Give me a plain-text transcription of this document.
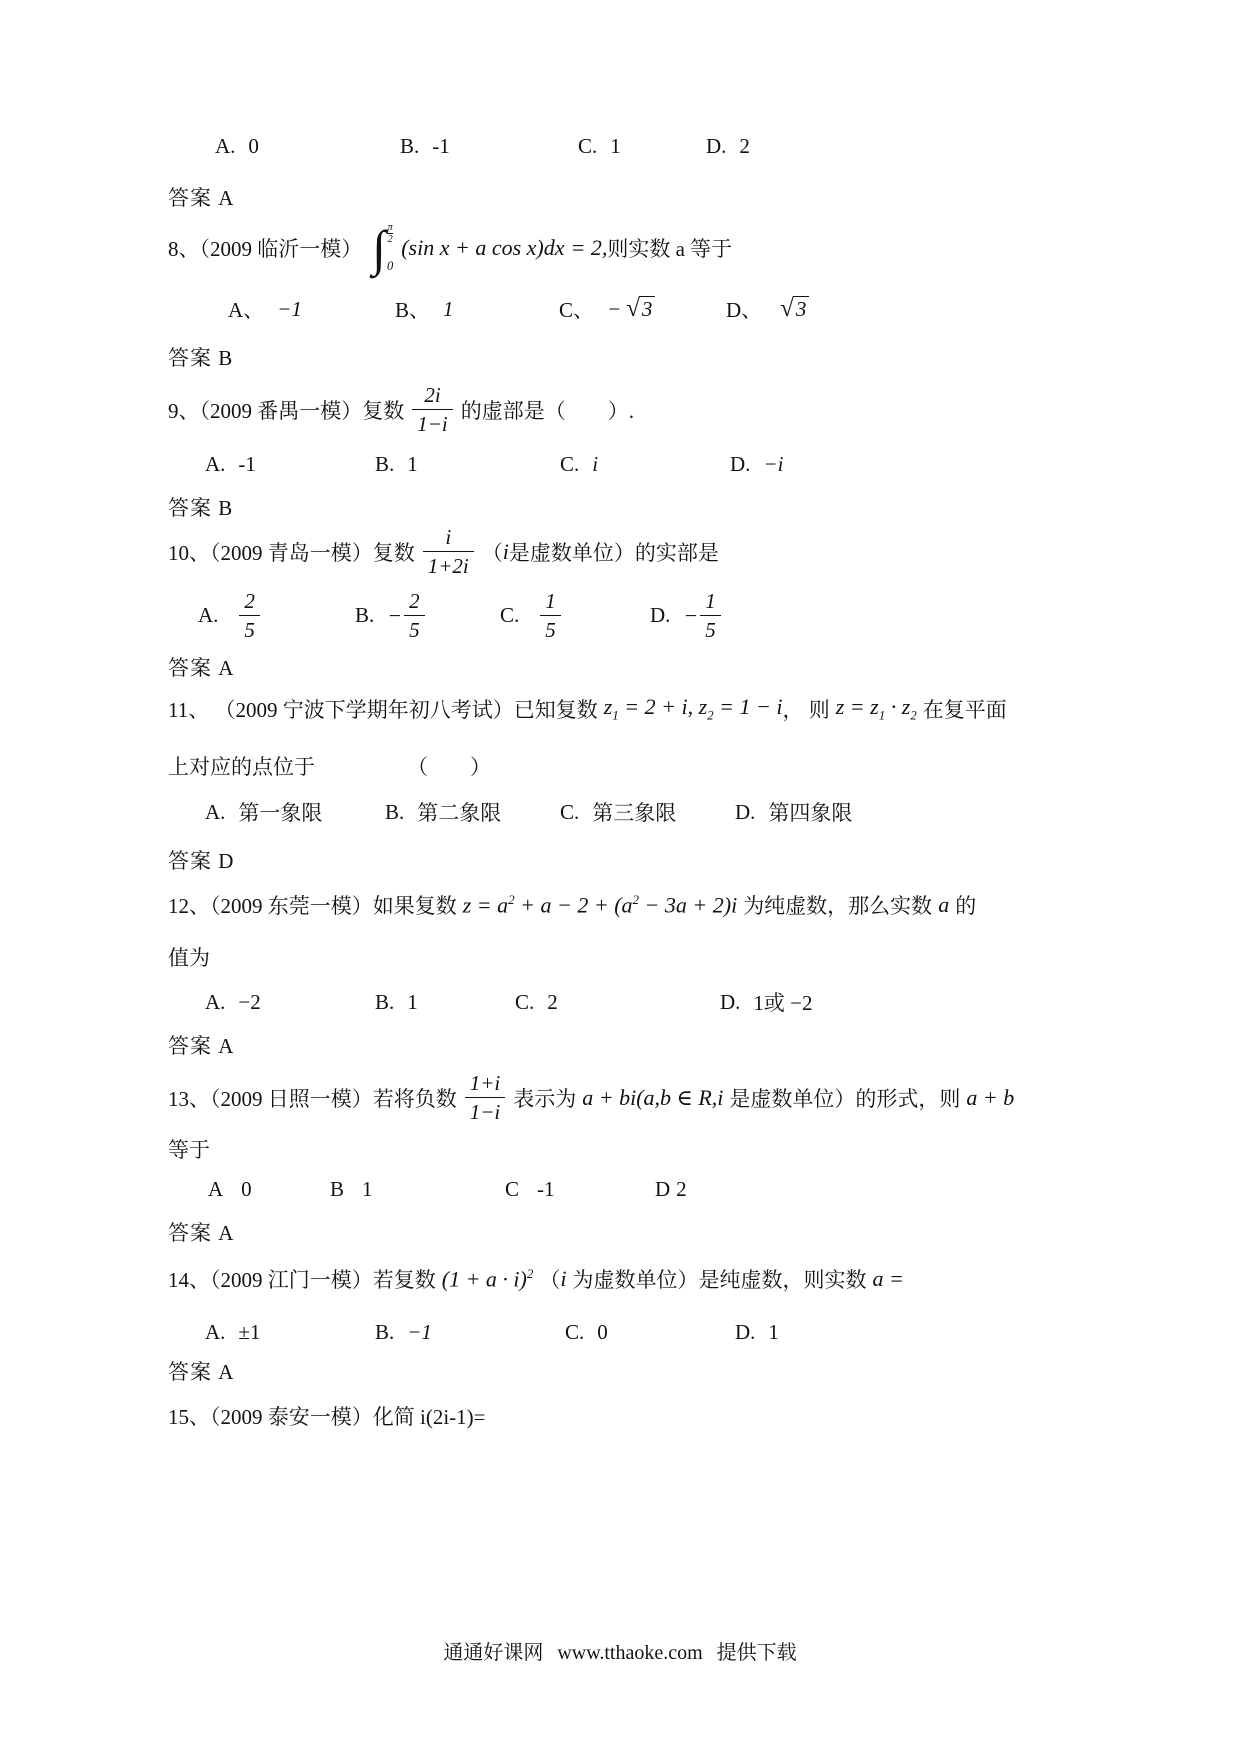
A. 0	B. -1	C. 1	D. 2
答案 A
8、（2009 临沂一模） ∫ $\frac{\pi}{2}$
0
(sin x + a cos x)dx = 2, 则实数 a 等于
A、 −1	B、 1	C、 − √ 3	D、 √ 3
答案 B
9、（2009 番禺一模）复数 $\frac{2i}{1-i}$ 的虚部是（　　）.
A. -1	B. 1	C. i	D. −i
答案 B
10、（2009 青岛一模）复数 $\frac{i}{1+2i}$ （ i 是虚数单位）的实部是
A. $\frac{2}{5}$	B. − $\frac{2}{5}$	C. $\frac{1}{5}$	D. − $\frac{1}{5}$
答案 A
11、 （2009 宁波下学期年初八考试）已知复数 $z_1 = 2 + i$, $z_2 = 1 - i$ ， 则 $z = z_1 \cdot z_2$ 在复平面
上对应的点位于	（　　）
A. 第一象限	B. 第二象限	C. 第三象限	D. 第四象限
答案 D
12、（2009 东莞一模）如果复数 $z = a^2 + a - 2 + (a^2 - 3a + 2)i$ 为纯虚数，那么实数 a 的
值为
A. −2	B. 1	C. 2	D. 1或 −2
答案 A
13、（2009 日照一模）若将负数 $\frac{1+i}{1-i}$ 表示为 a + bi(a,b ∈ R,i 是虚数单位）的形式，则 a + b
等于
A 0	B 1	C -1	D 2
答案 A
14、（2009 江门一模）若复数 $(1 + a \cdot i)^2$ （ i 为虚数单位）是纯虚数，则实数 a =
A. ±1	B. −1	C. 0	D. 1
答案 A
15、（2009 泰安一模）化简 i(2i-1)=
通通好课网 www.tthaoke.com 提供下载
